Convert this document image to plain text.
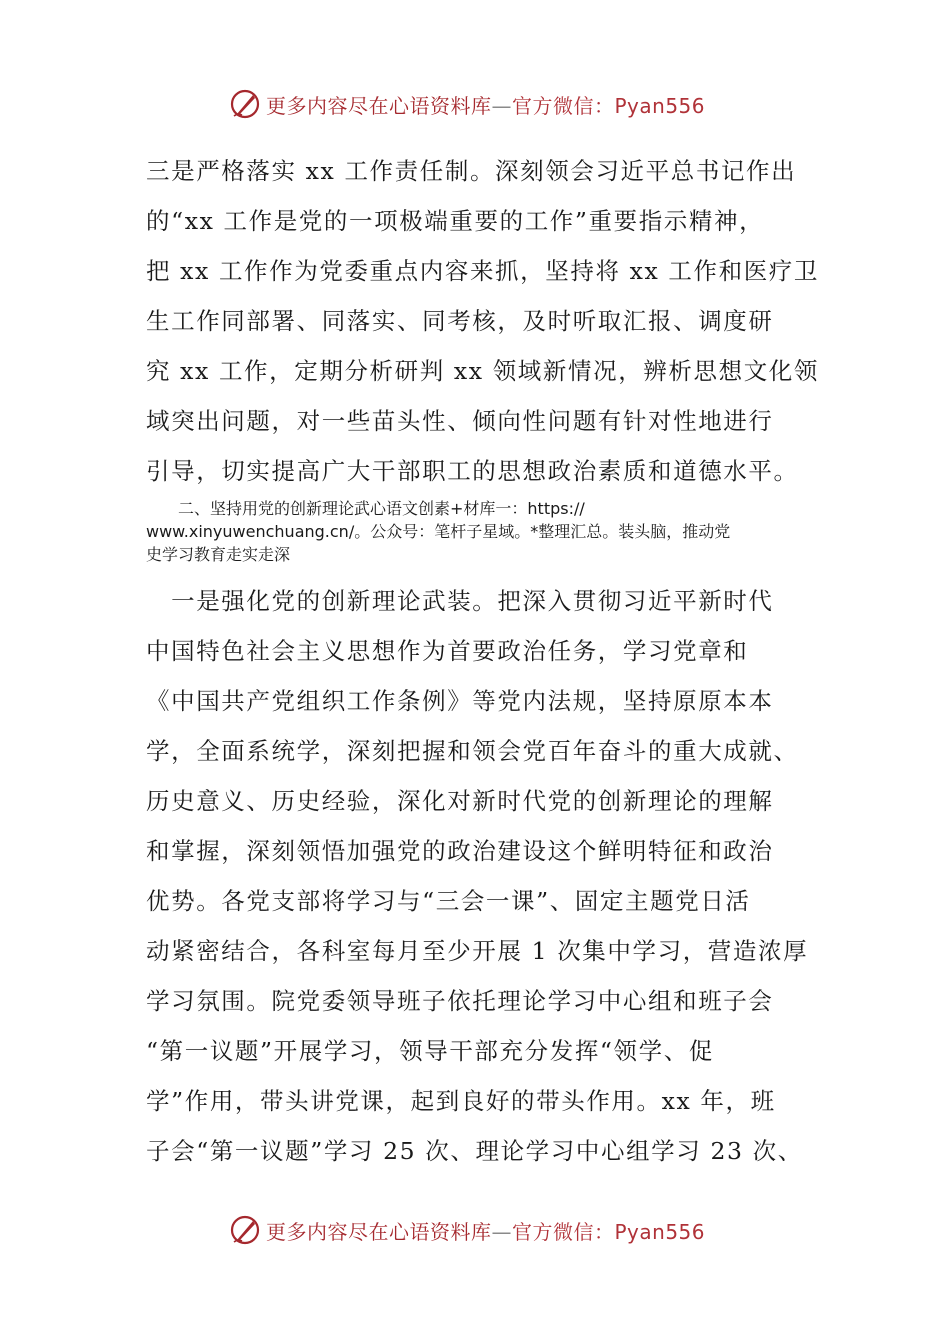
更多内容尽在心语资料库—官方微信：Pyan556
三是严格落实 xx 工作责任制。深刻领会习近平总书记作出
的“xx 工作是党的一项极端重要的工作”重要指示精神，
把 xx 工作作为党委重点内容来抓，坚持将 xx 工作和医疗卫
生工作同部署、同落实、同考核，及时听取汇报、调度研
究 xx 工作，定期分析研判 xx 领域新情况，辨析思想文化领
域突出问题，对一些苗头性、倾向性问题有针对性地进行
引导，切实提高广大干部职工的思想政治素质和道德水平。
　　二、坚持用党的创新理论武心语文创素+材库一：https://
www.xinyuwenchuang.cn/。公众号：笔杆子星域。*整理汇总。装头脑，推动党
史学习教育走实走深
　一是强化党的创新理论武装。把深入贯彻习近平新时代
中国特色社会主义思想作为首要政治任务，学习党章和
《中国共产党组织工作条例》等党内法规，坚持原原本本
学，全面系统学，深刻把握和领会党百年奋斗的重大成就、
历史意义、历史经验，深化对新时代党的创新理论的理解
和掌握，深刻领悟加强党的政治建设这个鲜明特征和政治
优势。各党支部将学习与“三会一课”、固定主题党日活
动紧密结合，各科室每月至少开展 1 次集中学习，营造浓厚
学习氛围。院党委领导班子依托理论学习中心组和班子会
“第一议题”开展学习，领导干部充分发挥“领学、促
学”作用，带头讲党课，起到良好的带头作用。xx 年，班
子会“第一议题”学习 25 次、理论学习中心组学习 23 次、
更多内容尽在心语资料库—官方微信：Pyan556
